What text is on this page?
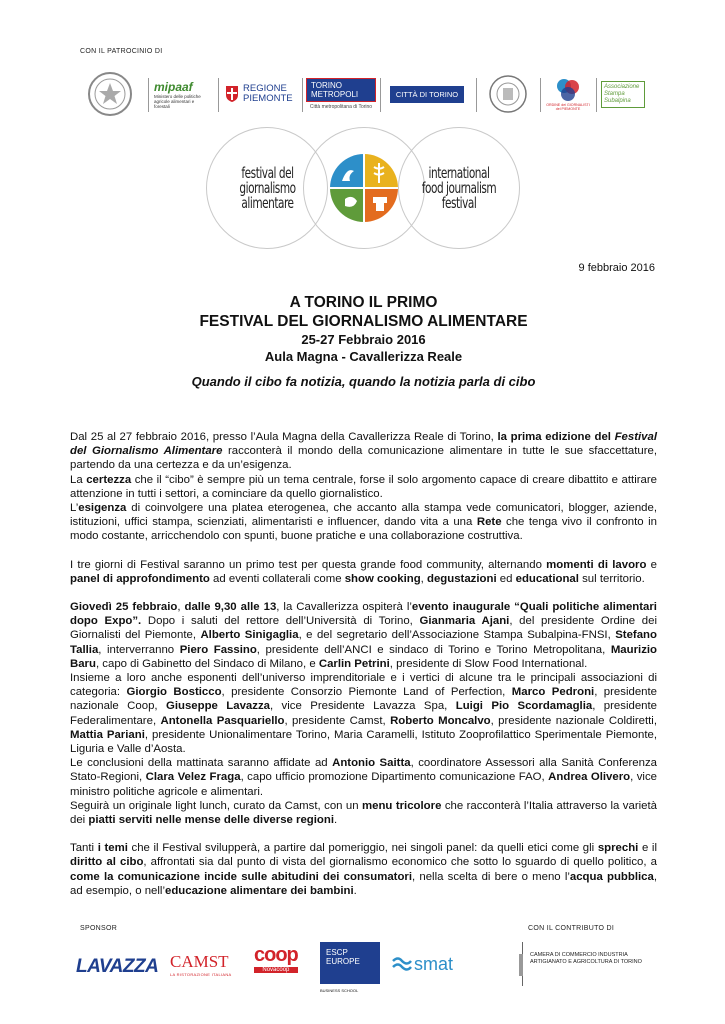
CON IL PATROCINIO DI
mipaaf
Ministero delle politiche agricole alimentari e forestali
REGIONE PIEMONTE
TORINO METROPOLI
Città metropolitana di Torino
CITTÀ DI TORINO
ORDINE dei GIORNALISTI del PIEMONTE
Associazione Stampa Subalpina
festival del giornalismo alimentare
international food journalism festival
9 febbraio 2016
A TORINO IL PRIMO
FESTIVAL DEL GIORNALISMO ALIMENTARE
25-27 Febbraio 2016
Aula Magna - Cavallerizza Reale
Quando il cibo fa notizia, quando la notizia parla di cibo

Dal 25 al 27 febbraio 2016, presso l’Aula Magna della Cavallerizza Reale di Torino, la prima edizione del Festival del Giornalismo Alimentare racconterà il mondo della comunicazione alimentare in tutte le sue sfaccettature, partendo da una certezza e da un’esigenza.

La certezza che il “cibo” è sempre più un tema centrale, forse il solo argomento capace di creare dibattito e attirare attenzione in tutti i settori, a cominciare da quello giornalistico.

L’esigenza di coinvolgere una platea eterogenea, che accanto alla stampa vede comunicatori, blogger, aziende, istituzioni, uffici stampa, scienziati, alimentaristi e influencer, dando vita a una Rete che tenga vivo il confronto in modo costante, arricchendolo con spunti, buone pratiche e una collaborazione costruttiva.

I tre giorni di Festival saranno un primo test per questa grande food community, alternando momenti di lavoro e panel di approfondimento ad eventi collaterali come show cooking, degustazioni ed educational sul territorio.

Giovedì 25 febbraio, dalle 9,30 alle 13, la Cavallerizza ospiterà l’evento inaugurale “Quali politiche alimentari dopo Expo”. Dopo i saluti del rettore dell’Università di Torino, Gianmaria Ajani, del presidente Ordine dei Giornalisti del Piemonte, Alberto Sinigaglia, e del segretario dell’Associazione Stampa Subalpina-FNSI, Stefano Tallia, interverranno Piero Fassino, presidente dell’ANCI e sindaco di Torino e Torino Metropolitana, Maurizio Baru, capo di Gabinetto del Sindaco di Milano, e Carlin Petrini, presidente di Slow Food International.

Insieme a loro anche esponenti dell’universo imprenditoriale e i vertici di alcune tra le principali associazioni di categoria: Giorgio Bosticco, presidente Consorzio Piemonte Land of Perfection, Marco Pedroni, presidente nazionale Coop, Giuseppe Lavazza, vice Presidente Lavazza Spa, Luigi Pio Scordamaglia, presidente Federalimentare, Antonella Pasquariello, presidente Camst, Roberto Moncalvo, presidente nazionale Coldiretti, Mattia Pariani, presidente Unionalimentare Torino, Maria Caramelli, Istituto Zooprofilattico Sperimentale Piemonte, Liguria e Valle d’Aosta.

Le conclusioni della mattinata saranno affidate ad Antonio Saitta, coordinatore Assessori alla Sanità Conferenza Stato-Regioni, Clara Velez Fraga, capo ufficio promozione Dipartimento comunicazione FAO, Andrea Olivero, vice ministro politiche agricole e alimentari.

Seguirà un originale light lunch, curato da Camst, con un menu tricolore che racconterà l’Italia attraverso la varietà dei piatti serviti nelle mense delle diverse regioni.

Tanti i temi che il Festival svilupperà, a partire dal pomeriggio, nei singoli panel: da quelli etici come gli sprechi e il diritto al cibo, affrontati sia dal punto di vista del giornalismo economico che sotto lo sguardo di quello politico, a come la comunicazione incide sulle abitudini dei consumatori, nella scelta di bere o meno l’acqua pubblica, ad esempio, o nell’educazione alimentare dei bambini.

SPONSOR	CON IL CONTRIBUTO DI
LAVAZZA CAMST
LA RISTORAZIONE ITALIANA
coop
Novacoop
ESCP EUROPE
BUSINESS SCHOOL
smat	CAMERA DI COMMERCIO INDUSTRIA ARTIGIANATO E AGRICOLTURA DI TORINO
